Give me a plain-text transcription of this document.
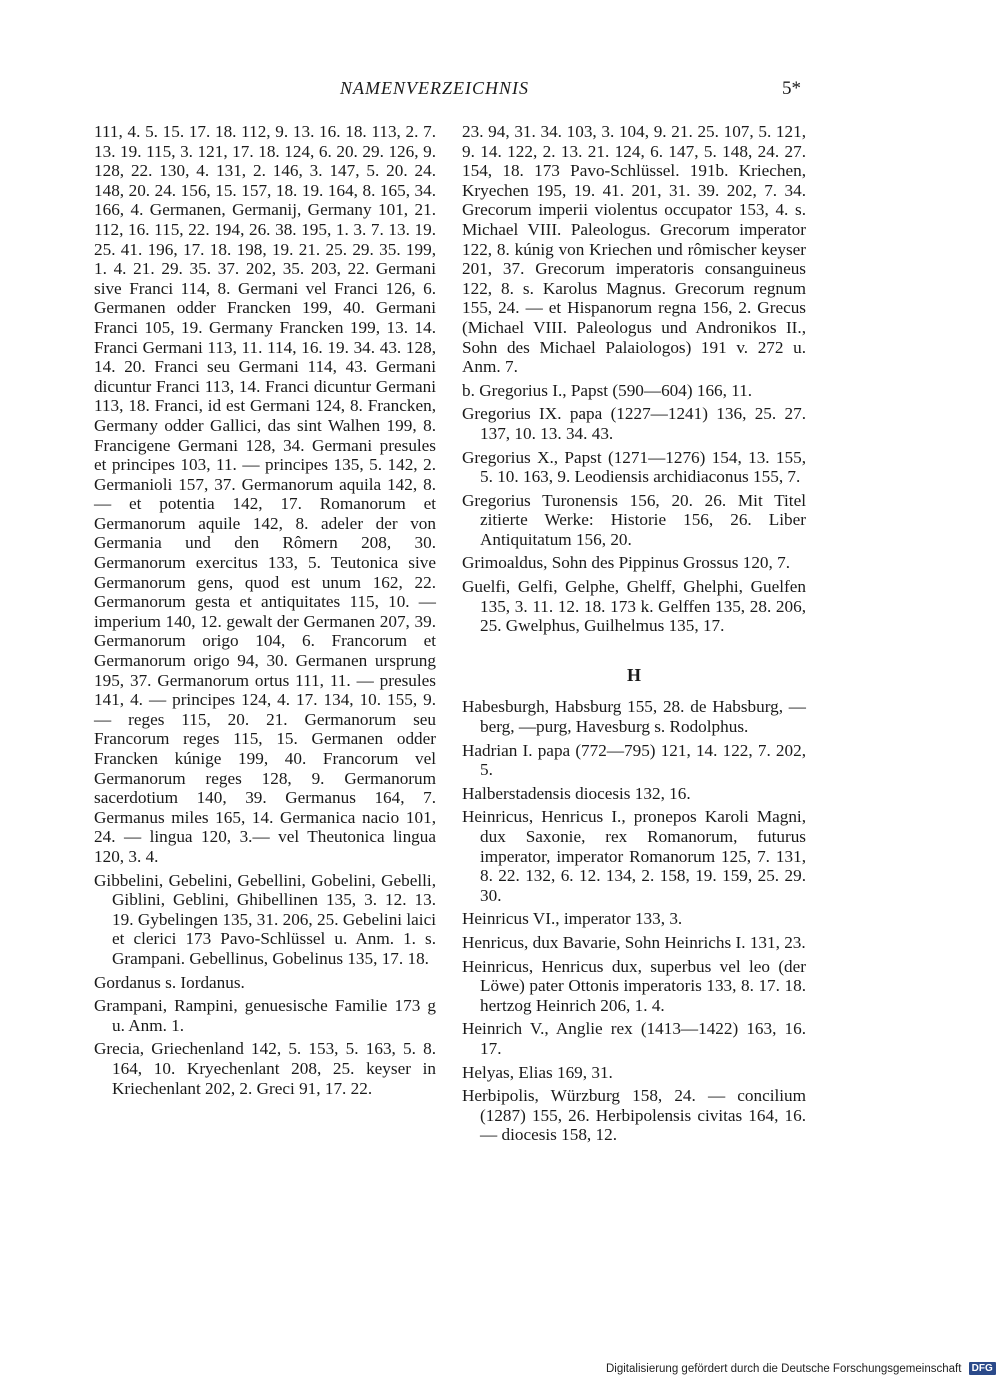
NAMENVERZEICHNIS	5*

111, 4. 5. 15. 17. 18. 112, 9. 13. 16. 18. 113, 2. 7. 13. 19. 115, 3. 121, 17. 18. 124, 6. 20. 29. 126, 9. 128, 22. 130, 4. 131, 2. 146, 3. 147, 5. 20. 24. 148, 20. 24. 156, 15. 157, 18. 19. 164, 8. 165, 34. 166, 4. Germanen, Germanij, Germany 101, 21. 112, 16. 115, 22. 194, 26. 38. 195, 1. 3. 7. 13. 19. 25. 41. 196, 17. 18. 198, 19. 21. 25. 29. 35. 199, 1. 4. 21. 29. 35. 37. 202, 35. 203, 22. Germani sive Franci 114, 8. Germani vel Franci 126, 6. Germanen odder Francken 199, 40. Germani Franci 105, 19. Germany Francken 199, 13. 14. Franci Germani 113, 11. 114, 16. 19. 34. 43. 128, 14. 20. Franci seu Germani 114, 43. Germani dicuntur Franci 113, 14. Franci dicuntur Germani 113, 18. Franci, id est Germani 124, 8. Francken, Germany odder Gallici, das sint Walhen 199, 8. Francigene Germani 128, 34. Germani presules et principes 103, 11. — principes 135, 5. 142, 2. Germanioli 157, 37. Germanorum aquila 142, 8. — et potentia 142, 17. Romanorum et Germanorum aquile 142, 8. adeler der von Germania und den Rômern 208, 30. Germanorum exercitus 133, 5. Teutonica sive Germanorum gens, quod est unum 162, 22. Germanorum gesta et antiquitates 115, 10. — imperium 140, 12. gewalt der Germanen 207, 39. Germanorum origo 104, 6. Francorum et Germanorum origo 94, 30. Germanen ursprung 195, 37. Germanorum ortus 111, 11. — presules 141, 4. — principes 124, 4. 17. 134, 10. 155, 9. — reges 115, 20. 21. Germanorum seu Francorum reges 115, 15. Germanen odder Francken kúnige 199, 40. Francorum vel Germanorum reges 128, 9. Germanorum sacerdotium 140, 39. Germanus 164, 7. Germanus miles 165, 14. Germanica nacio 101, 24. — lingua 120, 3.— vel Theutonica lingua 120, 3. 4.

Gibbelini, Gebelini, Gebellini, Gobelini, Gebelli, Giblini, Geblini, Ghibellinen 135, 3. 12. 13. 19. Gybelingen 135, 31. 206, 25. Gebelini laici et clerici 173 Pavo-Schlüssel u. Anm. 1. s. Grampani. Gebellinus, Gobelinus 135, 17. 18.

Gordanus s. Iordanus.

Grampani, Rampini, genuesische Familie 173 g u. Anm. 1.

Grecia, Griechenland 142, 5. 153, 5. 163, 5. 8. 164, 10. Kryechenlant 208, 25. keyser in Kriechenlant 202, 2. Greci 91, 17. 22.

23. 94, 31. 34. 103, 3. 104, 9. 21. 25. 107, 5. 121, 9. 14. 122, 2. 13. 21. 124, 6. 147, 5. 148, 24. 27. 154, 18. 173 Pavo-Schlüssel. 191b. Kriechen, Kryechen 195, 19. 41. 201, 31. 39. 202, 7. 34. Grecorum imperii violentus occupator 153, 4. s. Michael VIII. Paleologus. Grecorum imperator 122, 8. kúnig von Kriechen und rômischer keyser 201, 37. Grecorum imperatoris consanguineus 122, 8. s. Karolus Magnus. Grecorum regnum 155, 24. — et Hispanorum regna 156, 2. Grecus (Michael VIII. Paleologus und Andronikos II., Sohn des Michael Palaiologos) 191 v. 272 u. Anm. 7.

b. Gregorius I., Papst (590—604) 166, 11.

Gregorius IX. papa (1227—1241) 136, 25. 27. 137, 10. 13. 34. 43.

Gregorius X., Papst (1271—1276) 154, 13. 155, 5. 10. 163, 9. Leodiensis archidiaconus 155, 7.

Gregorius Turonensis 156, 20. 26. Mit Titel zitierte Werke: Historie 156, 26. Liber Antiquitatum 156, 20.

Grimoaldus, Sohn des Pippinus Grossus 120, 7.

Guelfi, Gelfi, Gelphe, Ghelff, Ghelphi, Guelfen 135, 3. 11. 12. 18. 173 k. Gelffen 135, 28. 206, 25. Gwelphus, Guilhelmus 135, 17.

H

Habesburgh, Habsburg 155, 28. de Habsburg, —berg, —purg, Havesburg s. Rodolphus.

Hadrian I. papa (772—795) 121, 14. 122, 7. 202, 5.

Halberstadensis diocesis 132, 16.

Heinricus, Henricus I., pronepos Karoli Magni, dux Saxonie, rex Romanorum, futurus imperator, imperator Romanorum 125, 7. 131, 8. 22. 132, 6. 12. 134, 2. 158, 19. 159, 25. 29. 30.

Heinricus VI., imperator 133, 3.

Henricus, dux Bavarie, Sohn Heinrichs I. 131, 23.

Heinricus, Henricus dux, superbus vel leo (der Löwe) pater Ottonis imperatoris 133, 8. 17. 18. hertzog Heinrich 206, 1. 4.

Heinrich V., Anglie rex (1413—1422) 163, 16. 17.

Helyas, Elias 169, 31.

Herbipolis, Würzburg 158, 24. — concilium (1287) 155, 26. Herbipolensis civitas 164, 16. — diocesis 158, 12.

Digitalisierung gefördert durch die Deutsche Forschungsgemeinschaft DFG
